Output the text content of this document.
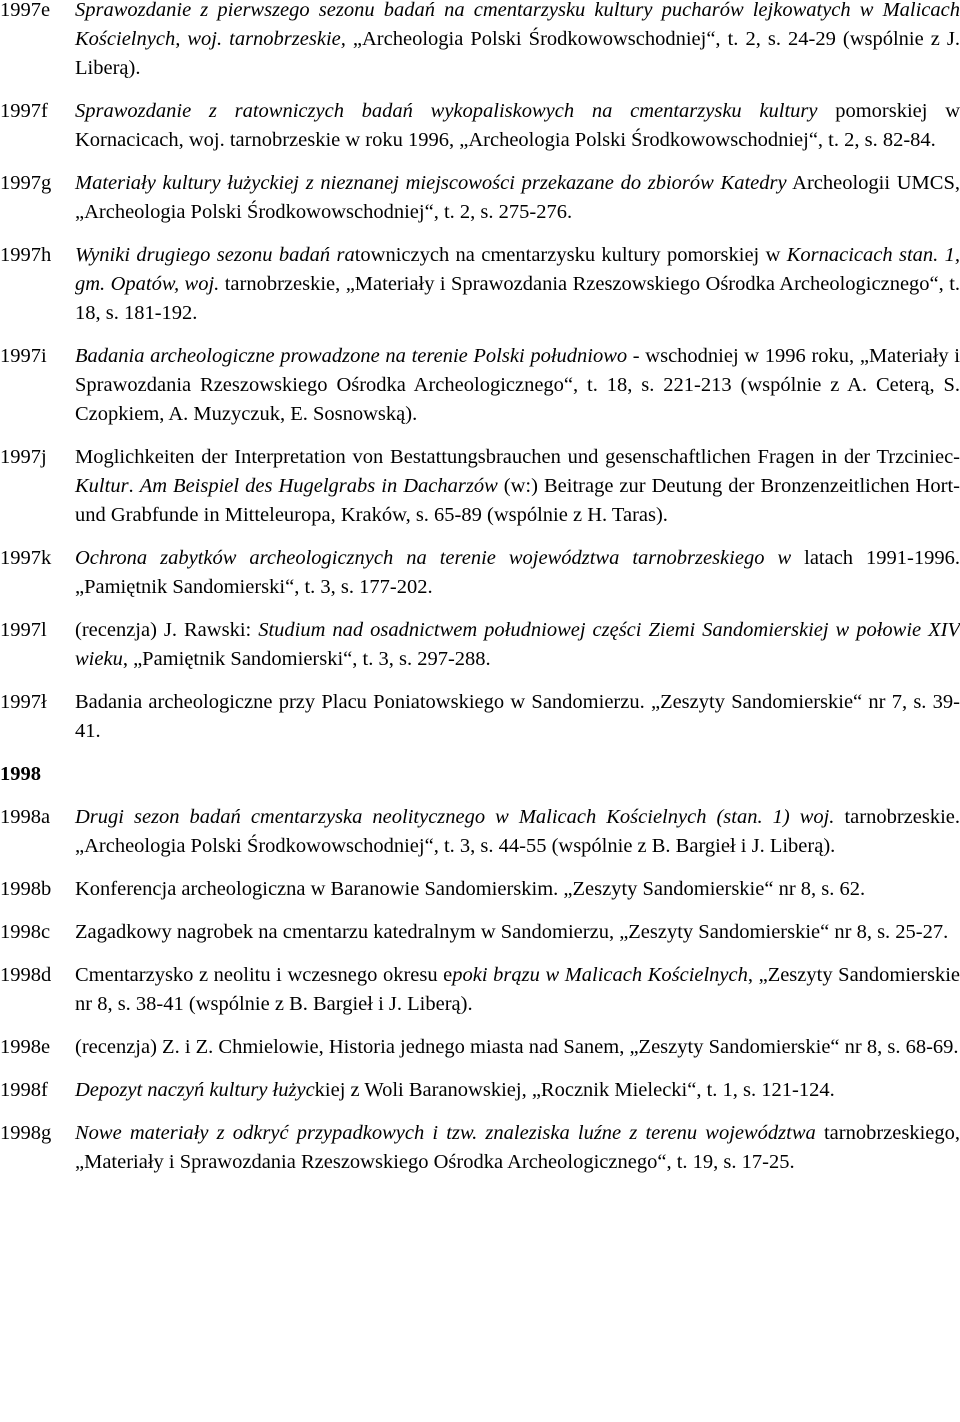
1997e	Sprawozdanie z pierwszego sezonu badań na cmentarzysku kultury pucharów lejkowatych w Malicach Kościelnych, woj. tarnobrzeskie, „Archeologia Polski Środkowowschodniej“, t. 2, s. 24-29 (wspólnie z J. Liberą).
1997f	Sprawozdanie z ratowniczych badań wykopaliskowych na cmentarzysku kultury pomorskiej w Kornacicach, woj. tarnobrzeskie w roku 1996, „Archeologia Polski Środkowowschodniej“, t. 2, s. 82-84.
1997g	Materiały kultury łużyckiej z nieznanej miejscowości przekazane do zbiorów Katedry Archeologii UMCS, „Archeologia Polski Środkowowschodniej“, t. 2, s. 275-276.
1997h	Wyniki drugiego sezonu badań ratowniczych na cmentarzysku kultury pomorskiej w Kornacicach stan. 1, gm. Opatów, woj. tarnobrzeskie, „Materiały i Sprawozdania Rzeszowskiego Ośrodka Archeologicznego“, t. 18, s. 181-192.
1997i	Badania archeologiczne prowadzone na terenie Polski południowo - wschodniej w 1996 roku, „Materiały i Sprawozdania Rzeszowskiego Ośrodka Archeologicznego“, t. 18, s. 221-213 (wspólnie z A. Ceterą, S. Czopkiem, A. Muzyczuk, E. Sosnowską).
1997j	Moglichkeiten der Interpretation von Bestattungsbrauchen und gesenschaftlichen Fragen in der Trzciniec-Kultur. Am Beispiel des Hugelgrabs in Dacharzów (w:) Beitrage zur Deutung der Bronzenzeitlichen Hort- und Grabfunde in Mitteleuropa, Kraków, s. 65-89 (wspólnie z H. Taras).
1997k	Ochrona zabytków archeologicznych na terenie województwa tarnobrzeskiego w latach 1991-1996. „Pamiętnik Sandomierski“, t. 3, s. 177-202.
1997l	(recenzja) J. Rawski: Studium nad osadnictwem południowej części Ziemi Sandomierskiej w połowie XIV wieku, „Pamiętnik Sandomierski“, t. 3, s. 297-288.
1997ł	Badania archeologiczne przy Placu Poniatowskiego w Sandomierzu. „Zeszyty Sandomierskie“ nr 7, s. 39-41.
1998
1998a	Drugi sezon badań cmentarzyska neolitycznego w Malicach Kościelnych (stan. 1) woj. tarnobrzeskie. „Archeologia Polski Środkowowschodniej“, t. 3, s. 44-55 (wspólnie z B. Bargieł i J. Liberą).
1998b	Konferencja archeologiczna w Baranowie Sandomierskim. „Zeszyty Sandomierskie“ nr 8, s. 62.
1998c	Zagadkowy nagrobek na cmentarzu katedralnym w Sandomierzu, „Zeszyty Sandomierskie“ nr 8, s. 25-27.
1998d	Cmentarzysko z neolitu i wczesnego okresu epoki brązu w Malicach Kościelnych, „Zeszyty Sandomierskie nr 8, s. 38-41 (wspólnie z B. Bargieł i J. Liberą).
1998e	(recenzja) Z. i Z. Chmielowie, Historia jednego miasta nad Sanem, „Zeszyty Sandomierskie“ nr 8, s. 68-69.
1998f	Depozyt naczyń kultury łużyckiej z Woli Baranowskiej, „Rocznik Mielecki“, t. 1, s. 121-124.
1998g	Nowe materiały z odkryć przypadkowych i tzw. znaleziska luźne z terenu województwa tarnobrzeskiego, „Materiały i Sprawozdania Rzeszowskiego Ośrodka Archeologicznego“, t. 19, s. 17-25.
